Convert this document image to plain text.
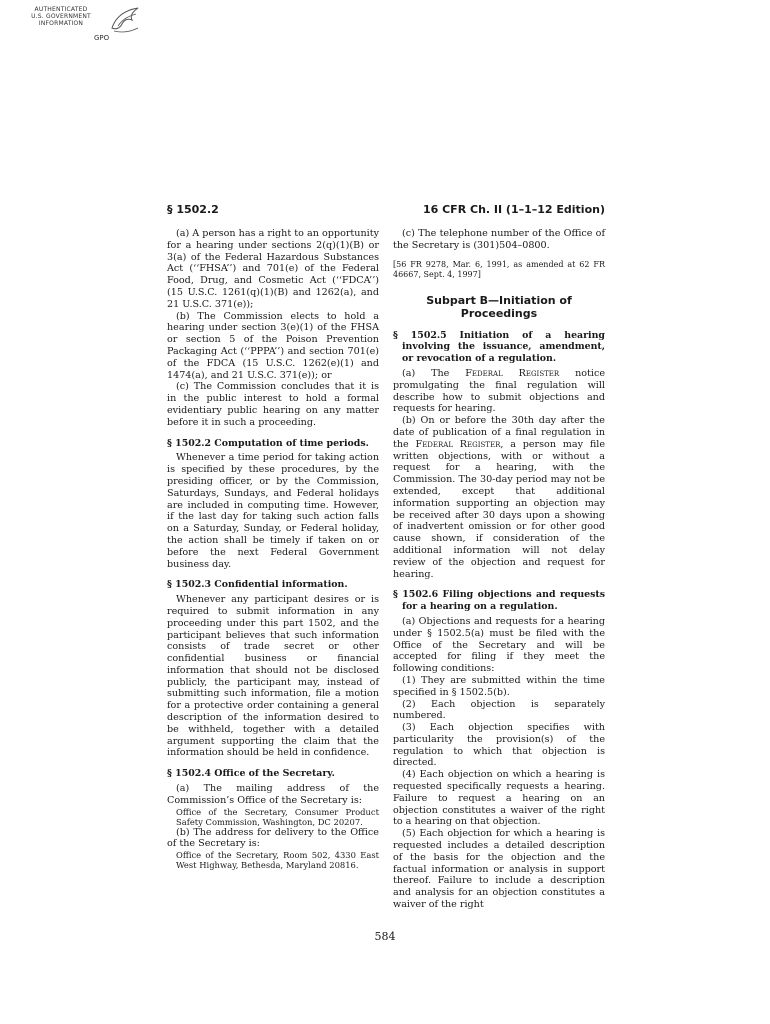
AUTHENTICATED
U.S. GOVERNMENT
INFORMATION
GPO
§ 1502.2	16 CFR Ch. II (1–1–12 Edition)

(a) A person has a right to an opportunity for a hearing under sections 2(q)(1)(B) or 3(a) of the Federal Hazardous Substances Act (‘‘FHSA’’) and 701(e) of the Federal Food, Drug, and Cosmetic Act (‘‘FDCA’’) (15 U.S.C. 1261(q)(1)(B) and 1262(a), and 21 U.S.C. 371(e));

(b) The Commission elects to hold a hearing under section 3(e)(1) of the FHSA or section 5 of the Poison Prevention Packaging Act (‘‘PPPA’’) and section 701(e) of the FDCA (15 U.S.C. 1262(e)(1) and 1474(a), and 21 U.S.C. 371(e)); or

(c) The Commission concludes that it is in the public interest to hold a formal evidentiary public hearing on any matter before it in such a proceeding.

§ 1502.2 Computation of time periods.

Whenever a time period for taking action is specified by these procedures, by the presiding officer, or by the Commission, Saturdays, Sundays, and Federal holidays are included in computing time. However, if the last day for taking such action falls on a Saturday, Sunday, or Federal holiday, the action shall be timely if taken on or before the next Federal Government business day.

§ 1502.3 Confidential information.

Whenever any participant desires or is required to submit information in any proceeding under this part 1502, and the participant believes that such information consists of trade secret or other confidential business or financial information that should not be disclosed publicly, the participant may, instead of submitting such information, file a motion for a protective order containing a general description of the information desired to be withheld, together with a detailed argument supporting the claim that the information should be held in confidence.

§ 1502.4 Office of the Secretary.

(a) The mailing address of the Commission’s Office of the Secretary is:

Office of the Secretary, Consumer Product Safety Commission, Washington, DC 20207.

(b) The address for delivery to the Office of the Secretary is:

Office of the Secretary, Room 502, 4330 East West Highway, Bethesda, Maryland 20816.

(c) The telephone number of the Office of the Secretary is (301)504–0800.

[56 FR 9278, Mar. 6, 1991, as amended at 62 FR 46667, Sept. 4, 1997]

Subpart B—Initiation of
Proceedings

§ 1502.5 Initiation of a hearing involving the issuance, amendment, or revocation of a regulation.

(a) The Federal Register notice promulgating the final regulation will describe how to submit objections and requests for hearing.

(b) On or before the 30th day after the date of publication of a final regulation in the Federal Register, a person may file written objections, with or without a request for a hearing, with the Commission. The 30-day period may not be extended, except that additional information supporting an objection may be received after 30 days upon a showing of inadvertent omission or for other good cause shown, if consideration of the additional information will not delay review of the objection and request for hearing.

§ 1502.6 Filing objections and requests for a hearing on a regulation.

(a) Objections and requests for a hearing under § 1502.5(a) must be filed with the Office of the Secretary and will be accepted for filing if they meet the following conditions:

(1) They are submitted within the time specified in § 1502.5(b).

(2) Each objection is separately numbered.

(3) Each objection specifies with particularity the provision(s) of the regulation to which that objection is directed.

(4) Each objection on which a hearing is requested specifically requests a hearing. Failure to request a hearing on an objection constitutes a waiver of the right to a hearing on that objection.

(5) Each objection for which a hearing is requested includes a detailed description of the basis for the objection and the factual information or analysis in support thereof. Failure to include a description and analysis for an objection constitutes a waiver of the right

584
